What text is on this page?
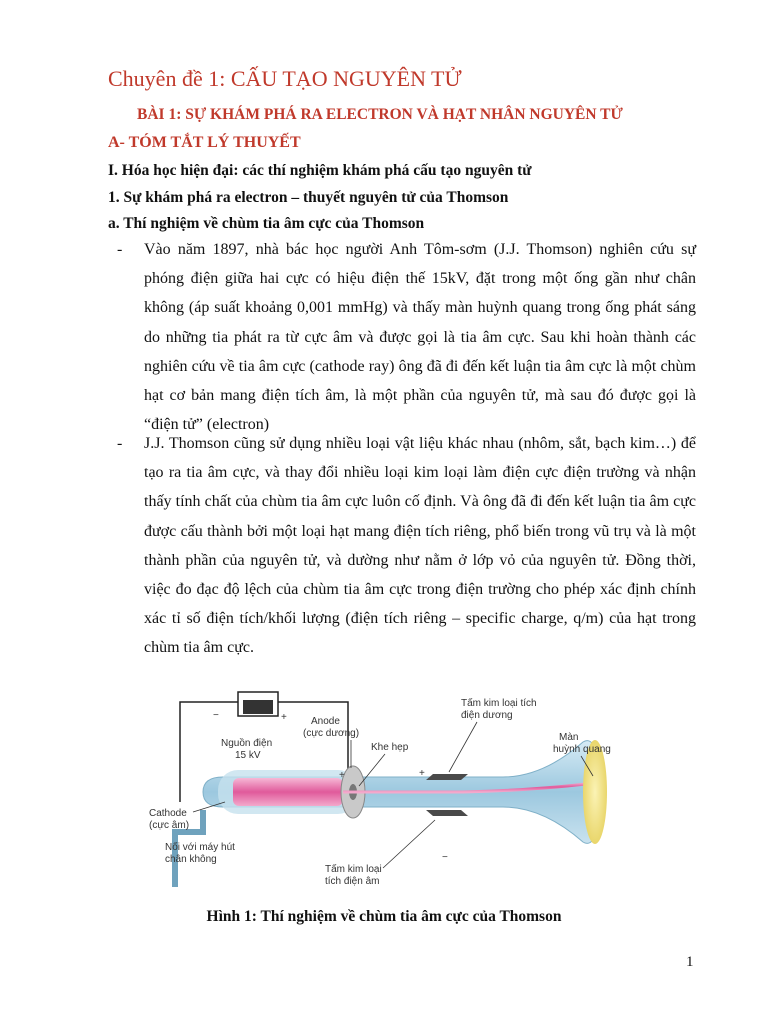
Chuyên đề 1: CẤU TẠO NGUYÊN TỬ
BÀI 1: SỰ KHÁM PHÁ RA ELECTRON VÀ HẠT NHÂN NGUYÊN TỬ
A- TÓM TẮT LÝ THUYẾT
I. Hóa học hiện đại: các thí nghiệm khám phá cấu tạo nguyên tử
1. Sự khám phá ra electron – thuyết nguyên tử của Thomson
a. Thí nghiệm về chùm tia âm cực của Thomson
- Vào năm 1897, nhà bác học người Anh Tôm-sơm (J.J. Thomson) nghiên cứu sự phóng điện giữa hai cực có hiệu điện thế 15kV, đặt trong một ống gần như chân không (áp suất khoảng 0,001 mmHg) và thấy màn huỳnh quang trong ống phát sáng do những tia phát ra từ cực âm và được gọi là tia âm cực. Sau khi hoàn thành các nghiên cứu về tia âm cực (cathode ray) ông đã đi đến kết luận tia âm cực là một chùm hạt cơ bản mang điện tích âm, là một phần của nguyên tử, mà sau đó được gọi là “điện tử” (electron)
- J.J. Thomson cũng sử dụng nhiều loại vật liệu khác nhau (nhôm, sắt, bạch kim…) để tạo ra tia âm cực, và thay đổi nhiều loại kim loại làm điện cực điện trường và nhận thấy tính chất của chùm tia âm cực luôn cố định. Và ông đã đi đến kết luận tia âm cực được cấu thành bởi một loại hạt mang điện tích riêng, phổ biến trong vũ trụ và là một thành phần của nguyên tử, và dường như nằm ở lớp vỏ của nguyên tử. Đồng thời, việc đo đạc độ lệch của chùm tia âm cực trong điện trường cho phép xác định chính xác tỉ số điện tích/khối lượng (điện tích riêng – specific charge, q/m) của hạt trong chùm tia âm cực.
−	+
Nguồn điện
15 kV
+	+
−
Anode
(cực dương)
Khe hẹp
Tấm kim loại tích
điện dương
Màn
huỳnh quang
Cathode
(cực âm)
Nối với máy hút
chân không
Tấm kim loại
tích điện âm
Hình 1: Thí nghiệm về chùm tia âm cực của Thomson
1
